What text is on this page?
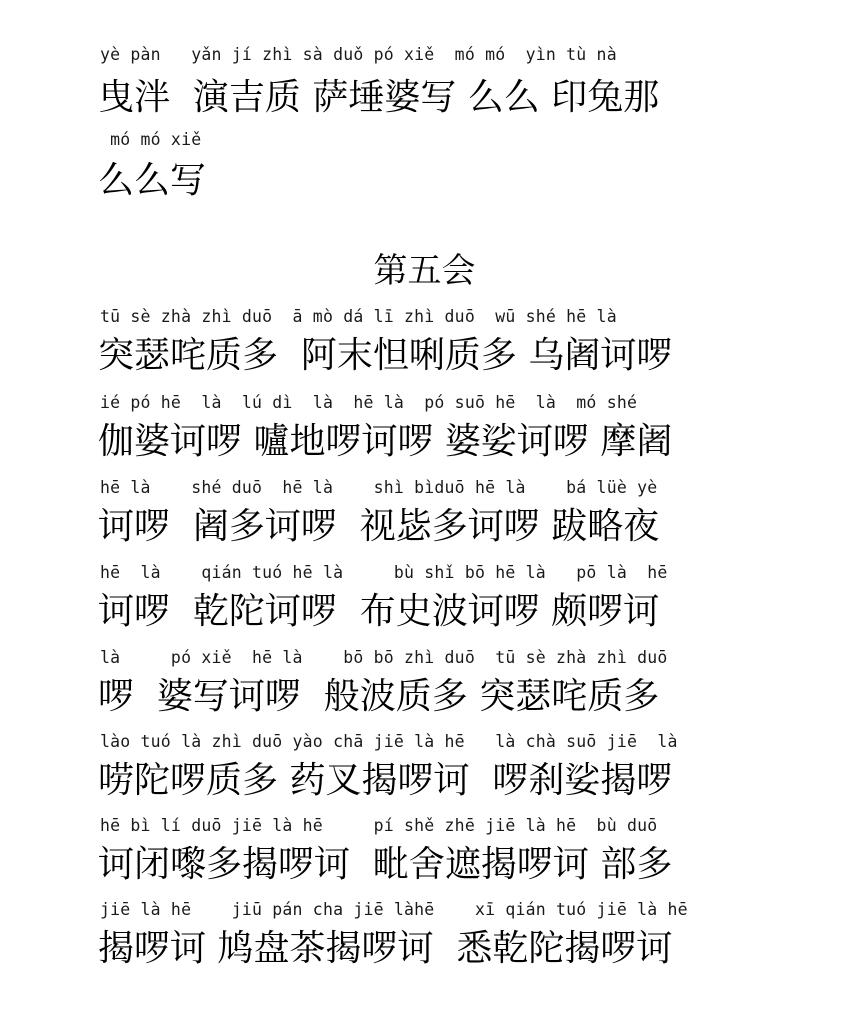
yè pàn   yǎn jí zhì sà duǒ pó xiě  mó mó  yìn tù nà

曳泮  演吉质 萨埵婆写 么么 印兔那

mó mó xiě

么么写

第五会

tū sè zhà zhì duō  ā mò dá lī zhì duō  wū shé hē là

突瑟咤质多  阿末怛唎质多 乌阇诃啰

ié pó hē  là  lú dì  là  hē là  pó suō hē  là  mó shé

伽婆诃啰 嚧地啰诃啰 婆娑诃啰 摩阇

hē là    shé duō  hē là    shì bìduō hē là    bá lüè yè

诃啰  阇多诃啰  视毖多诃啰 跋略夜

hē  là    qián tuó hē là     bù shǐ bō hē là   pō là  hē

诃啰  乾陀诃啰  布史波诃啰 颇啰诃

là     pó xiě  hē là    bō bō zhì duō  tū sè zhà zhì duō

啰  婆写诃啰  般波质多 突瑟咤质多

lào tuó là zhì duō yào chā jiē là hē   là chà suō jiē  là

唠陀啰质多 药叉揭啰诃  啰刹娑揭啰

hē bì lí duō jiē là hē     pí shě zhē jiē là hē  bù duō

诃闭嚟多揭啰诃  毗舍遮揭啰诃 部多

jiē là hē    jiū pán cha jiē làhē    xī qián tuó jiē là hē

揭啰诃 鸠盘茶揭啰诃  悉乾陀揭啰诃
